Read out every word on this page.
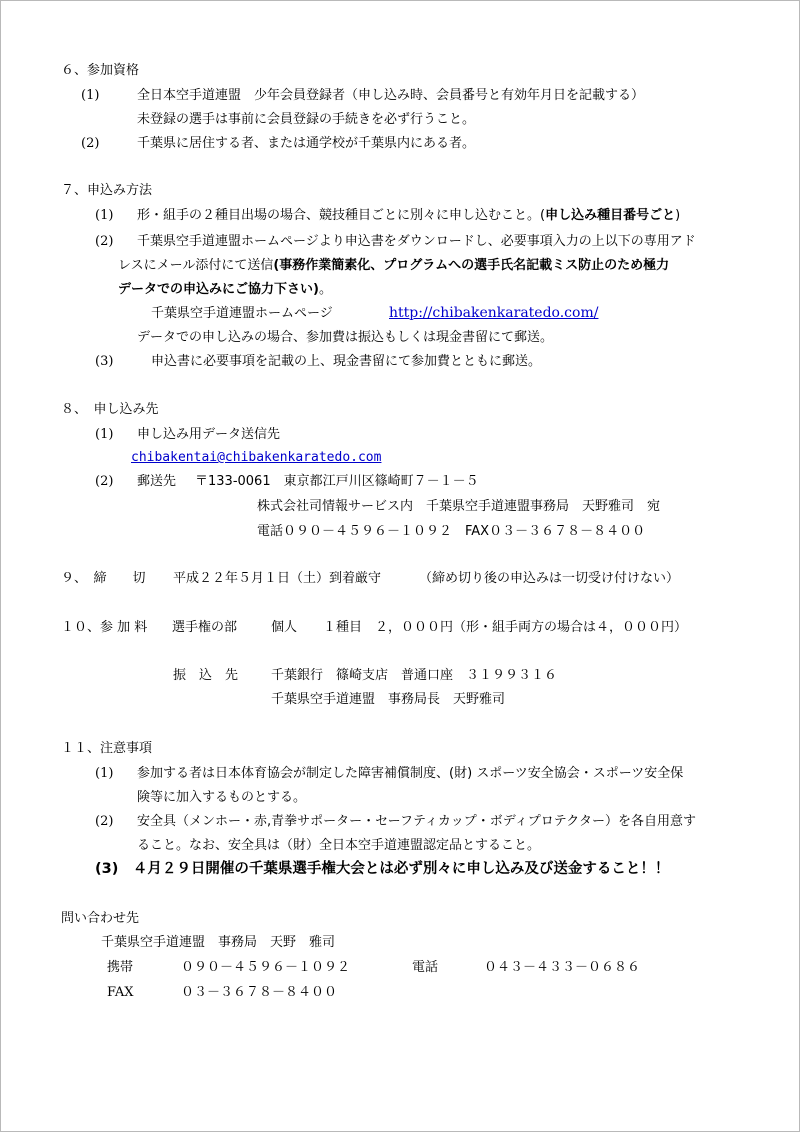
６、参加資格
(1)	全日本空手道連盟　少年会員登録者（申し込み時、会員番号と有効年月日を記載する）
未登録の選手は事前に会員登録の手続きを必ず行うこと。
(2)	千葉県に居住する者、または通学校が千葉県内にある者。
７、申込み方法
(1) 形・組手の２種目出場の場合、競技種目ごとに別々に申し込むこと。(申し込み種目番号ごと)
(2) 千葉県空手道連盟ホームページより申込書をダウンロードし、必要事項入力の上以下の専用アド
レスにメール添付にて送信(事務作業簡素化、プログラムへの選手氏名記載ミス防止のため極力
データでの申込みにご協力下さい)。
千葉県空手道連盟ホームページ	http://chibakenkaratedo.com/
データでの申し込みの場合、参加費は振込もしくは現金書留にて郵送。
(3)	申込書に必要事項を記載の上、現金書留にて参加費とともに郵送。
８、　申し込み先
(1) 申し込み用データ送信先
chibakentai@chibakenkaratedo.com
(2) 郵送先 〒133-0061　東京都江戸川区篠崎町７－１－５
株式会社司情報サービス内　千葉県空手道連盟事務局　天野雅司　宛
電話０９０－４５９６－１０９２　FAX０３－３６７８－８４００
９、　締　　切 平成２２年５月１日（土）到着厳守	（締め切り後の申込みは一切受け付けない）
１０、参 加 料 選手権の部	個人　　１種目　２，０００円（形・組手両方の場合は４，０００円）
振　込　先	千葉銀行　篠崎支店　普通口座　３１９９３１６
千葉県空手道連盟　事務局長　天野雅司
１１、注意事項
(1) 参加する者は日本体育協会が制定した障害補償制度、(財) スポーツ安全協会・スポーツ安全保
険等に加入するものとする。
(2) 安全具（メンホー・赤,青拳サポーター・セーフティカップ・ボディプロテクター）を各自用意す
ること。なお、安全具は（財）全日本空手道連盟認定品とすること。
(3)　４月２９日開催の千葉県選手権大会とは必ず別々に申し込み及び送金すること！！
問い合わせ先
千葉県空手道連盟　事務局　天野　雅司
携帯	０９０－４５９６－１０９２	電話	０４３－４３３－０６８６
FAX	０３－３６７８－８４００
